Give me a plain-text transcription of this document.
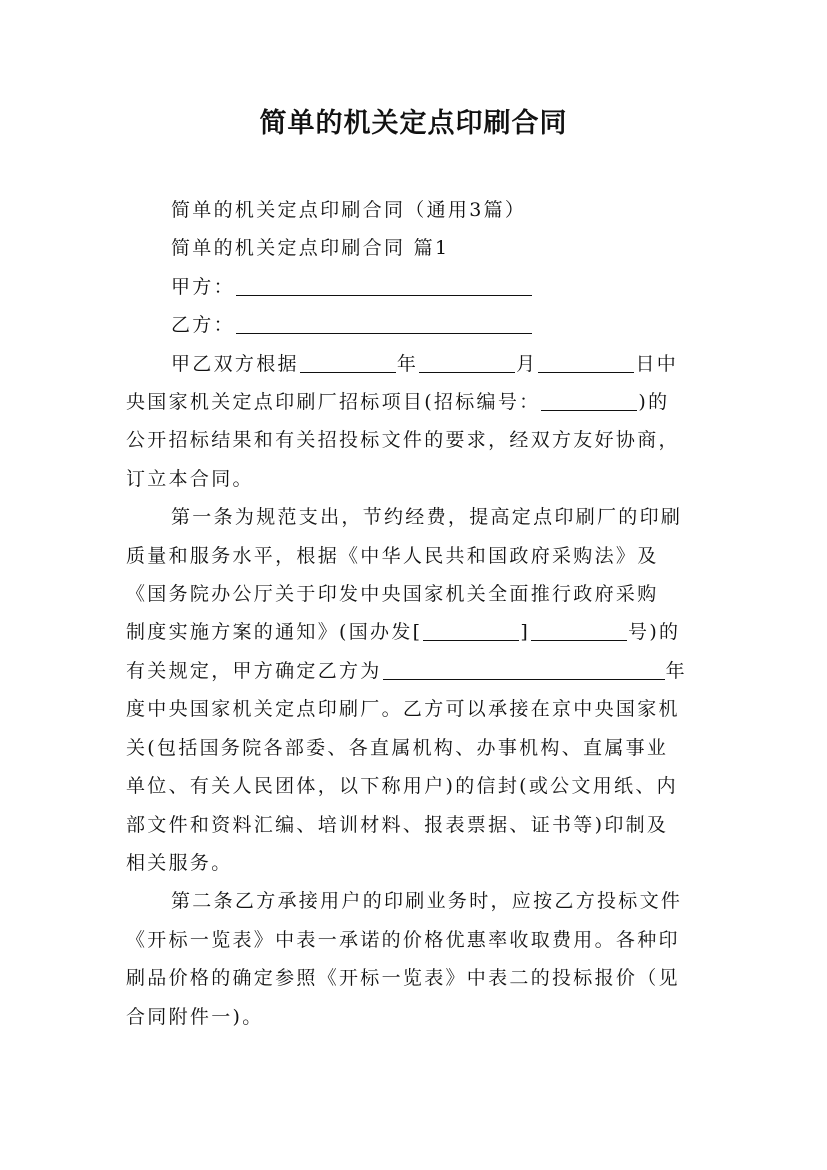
简单的机关定点印刷合同

简单的机关定点印刷合同（通用3篇）

简单的机关定点印刷合同 篇1

甲方：

乙方：

甲乙双方根据	年	月	日中

央国家机关定点印刷厂招标项目(招标编号：	)的

公开招标结果和有关招投标文件的要求，经双方友好协商，

订立本合同。

第一条为规范支出，节约经费，提高定点印刷厂的印刷

质量和服务水平，根据《中华人民共和国政府采购法》及

《国务院办公厅关于印发中央国家机关全面推行政府采购

制度实施方案的通知》(国办发[	]	号)的

有关规定，甲方确定乙方为	年

度中央国家机关定点印刷厂。乙方可以承接在京中央国家机

关(包括国务院各部委、各直属机构、办事机构、直属事业

单位、有关人民团体，以下称用户)的信封(或公文用纸、内

部文件和资料汇编、培训材料、报表票据、证书等)印制及

相关服务。

第二条乙方承接用户的印刷业务时，应按乙方投标文件

《开标一览表》中表一承诺的价格优惠率收取费用。各种印

刷品价格的确定参照《开标一览表》中表二的投标报价（见

合同附件一)。
